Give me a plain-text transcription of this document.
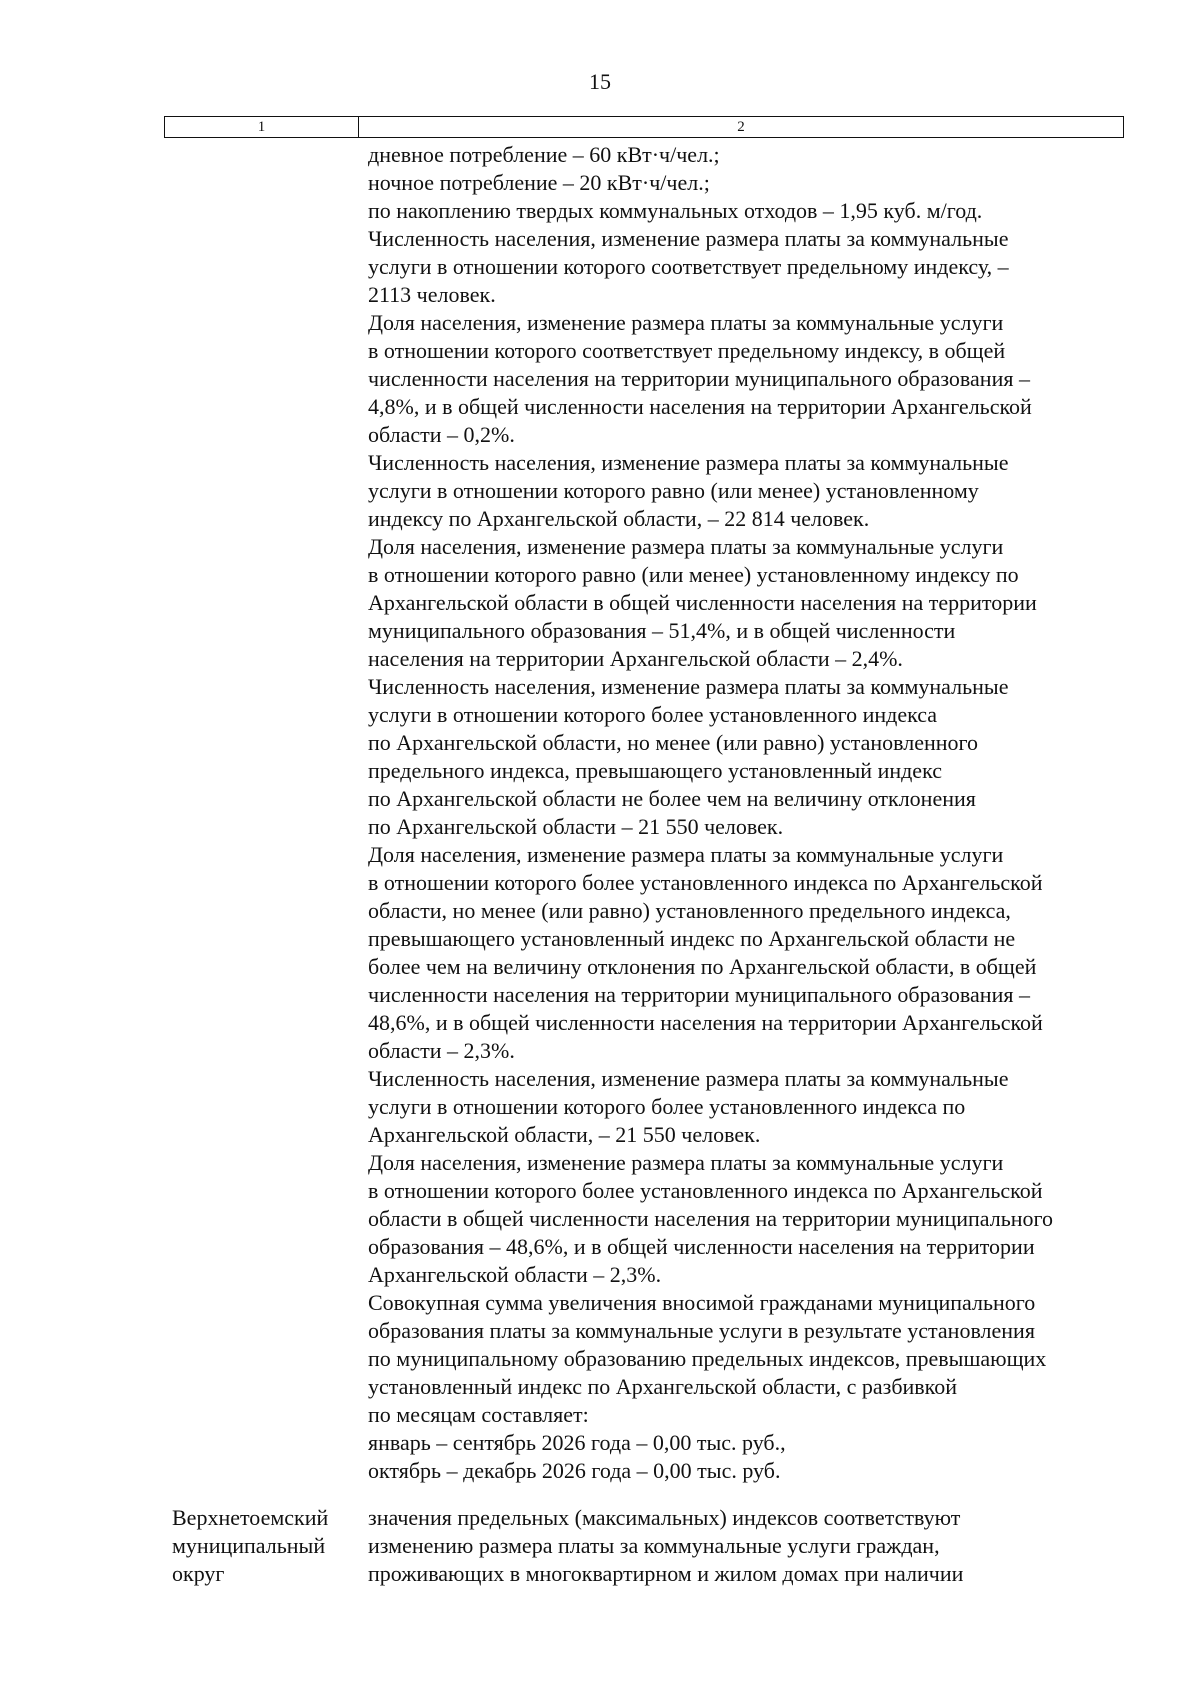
15
1	2
дневное потребление – 60 кВт·ч/чел.;
ночное потребление – 20 кВт·ч/чел.;
по накоплению твердых коммунальных отходов – 1,95 куб. м/год.
Численность населения, изменение размера платы за коммунальные
услуги в отношении которого соответствует предельному индексу, –
2113 человек.
Доля населения, изменение размера платы за коммунальные услуги
в отношении которого соответствует предельному индексу, в общей
численности населения на территории муниципального образования –
4,8%, и в общей численности населения на территории Архангельской
области – 0,2%.
Численность населения, изменение размера платы за коммунальные
услуги в отношении которого равно (или менее) установленному
индексу по Архангельской области, – 22 814 человек.
Доля населения, изменение размера платы за коммунальные услуги
в отношении которого равно (или менее) установленному индексу по
Архангельской области в общей численности населения на территории
муниципального образования – 51,4%, и в общей численности
населения на территории Архангельской области – 2,4%.
Численность населения, изменение размера платы за коммунальные
услуги в отношении которого более установленного индекса
по Архангельской области, но менее (или равно) установленного
предельного индекса, превышающего установленный индекс
по Архангельской области не более чем на величину отклонения
по Архангельской области – 21 550 человек.
Доля населения, изменение размера платы за коммунальные услуги
в отношении которого более установленного индекса по Архангельской
области, но менее (или равно) установленного предельного индекса,
превышающего установленный индекс по Архангельской области не
более чем на величину отклонения по Архангельской области, в общей
численности населения на территории муниципального образования –
48,6%, и в общей численности населения на территории Архангельской
области – 2,3%.
Численность населения, изменение размера платы за коммунальные
услуги в отношении которого более установленного индекса по
Архангельской области, – 21 550 человек.
Доля населения, изменение размера платы за коммунальные услуги
в отношении которого более установленного индекса по Архангельской
области в общей численности населения на территории муниципального
образования – 48,6%, и в общей численности населения на территории
Архангельской области – 2,3%.
Совокупная сумма увеличения вносимой гражданами муниципального
образования платы за коммунальные услуги в результате установления
по муниципальному образованию предельных индексов, превышающих
установленный индекс по Архангельской области, с разбивкой
по месяцам составляет:
январь – сентябрь 2026 года – 0,00 тыс. руб.,
октябрь – декабрь 2026 года – 0,00 тыс. руб.
Верхнетоемский
муниципальный
округ
значения предельных (максимальных) индексов соответствуют
изменению размера платы за коммунальные услуги граждан,
проживающих в многоквартирном и жилом домах при наличии
